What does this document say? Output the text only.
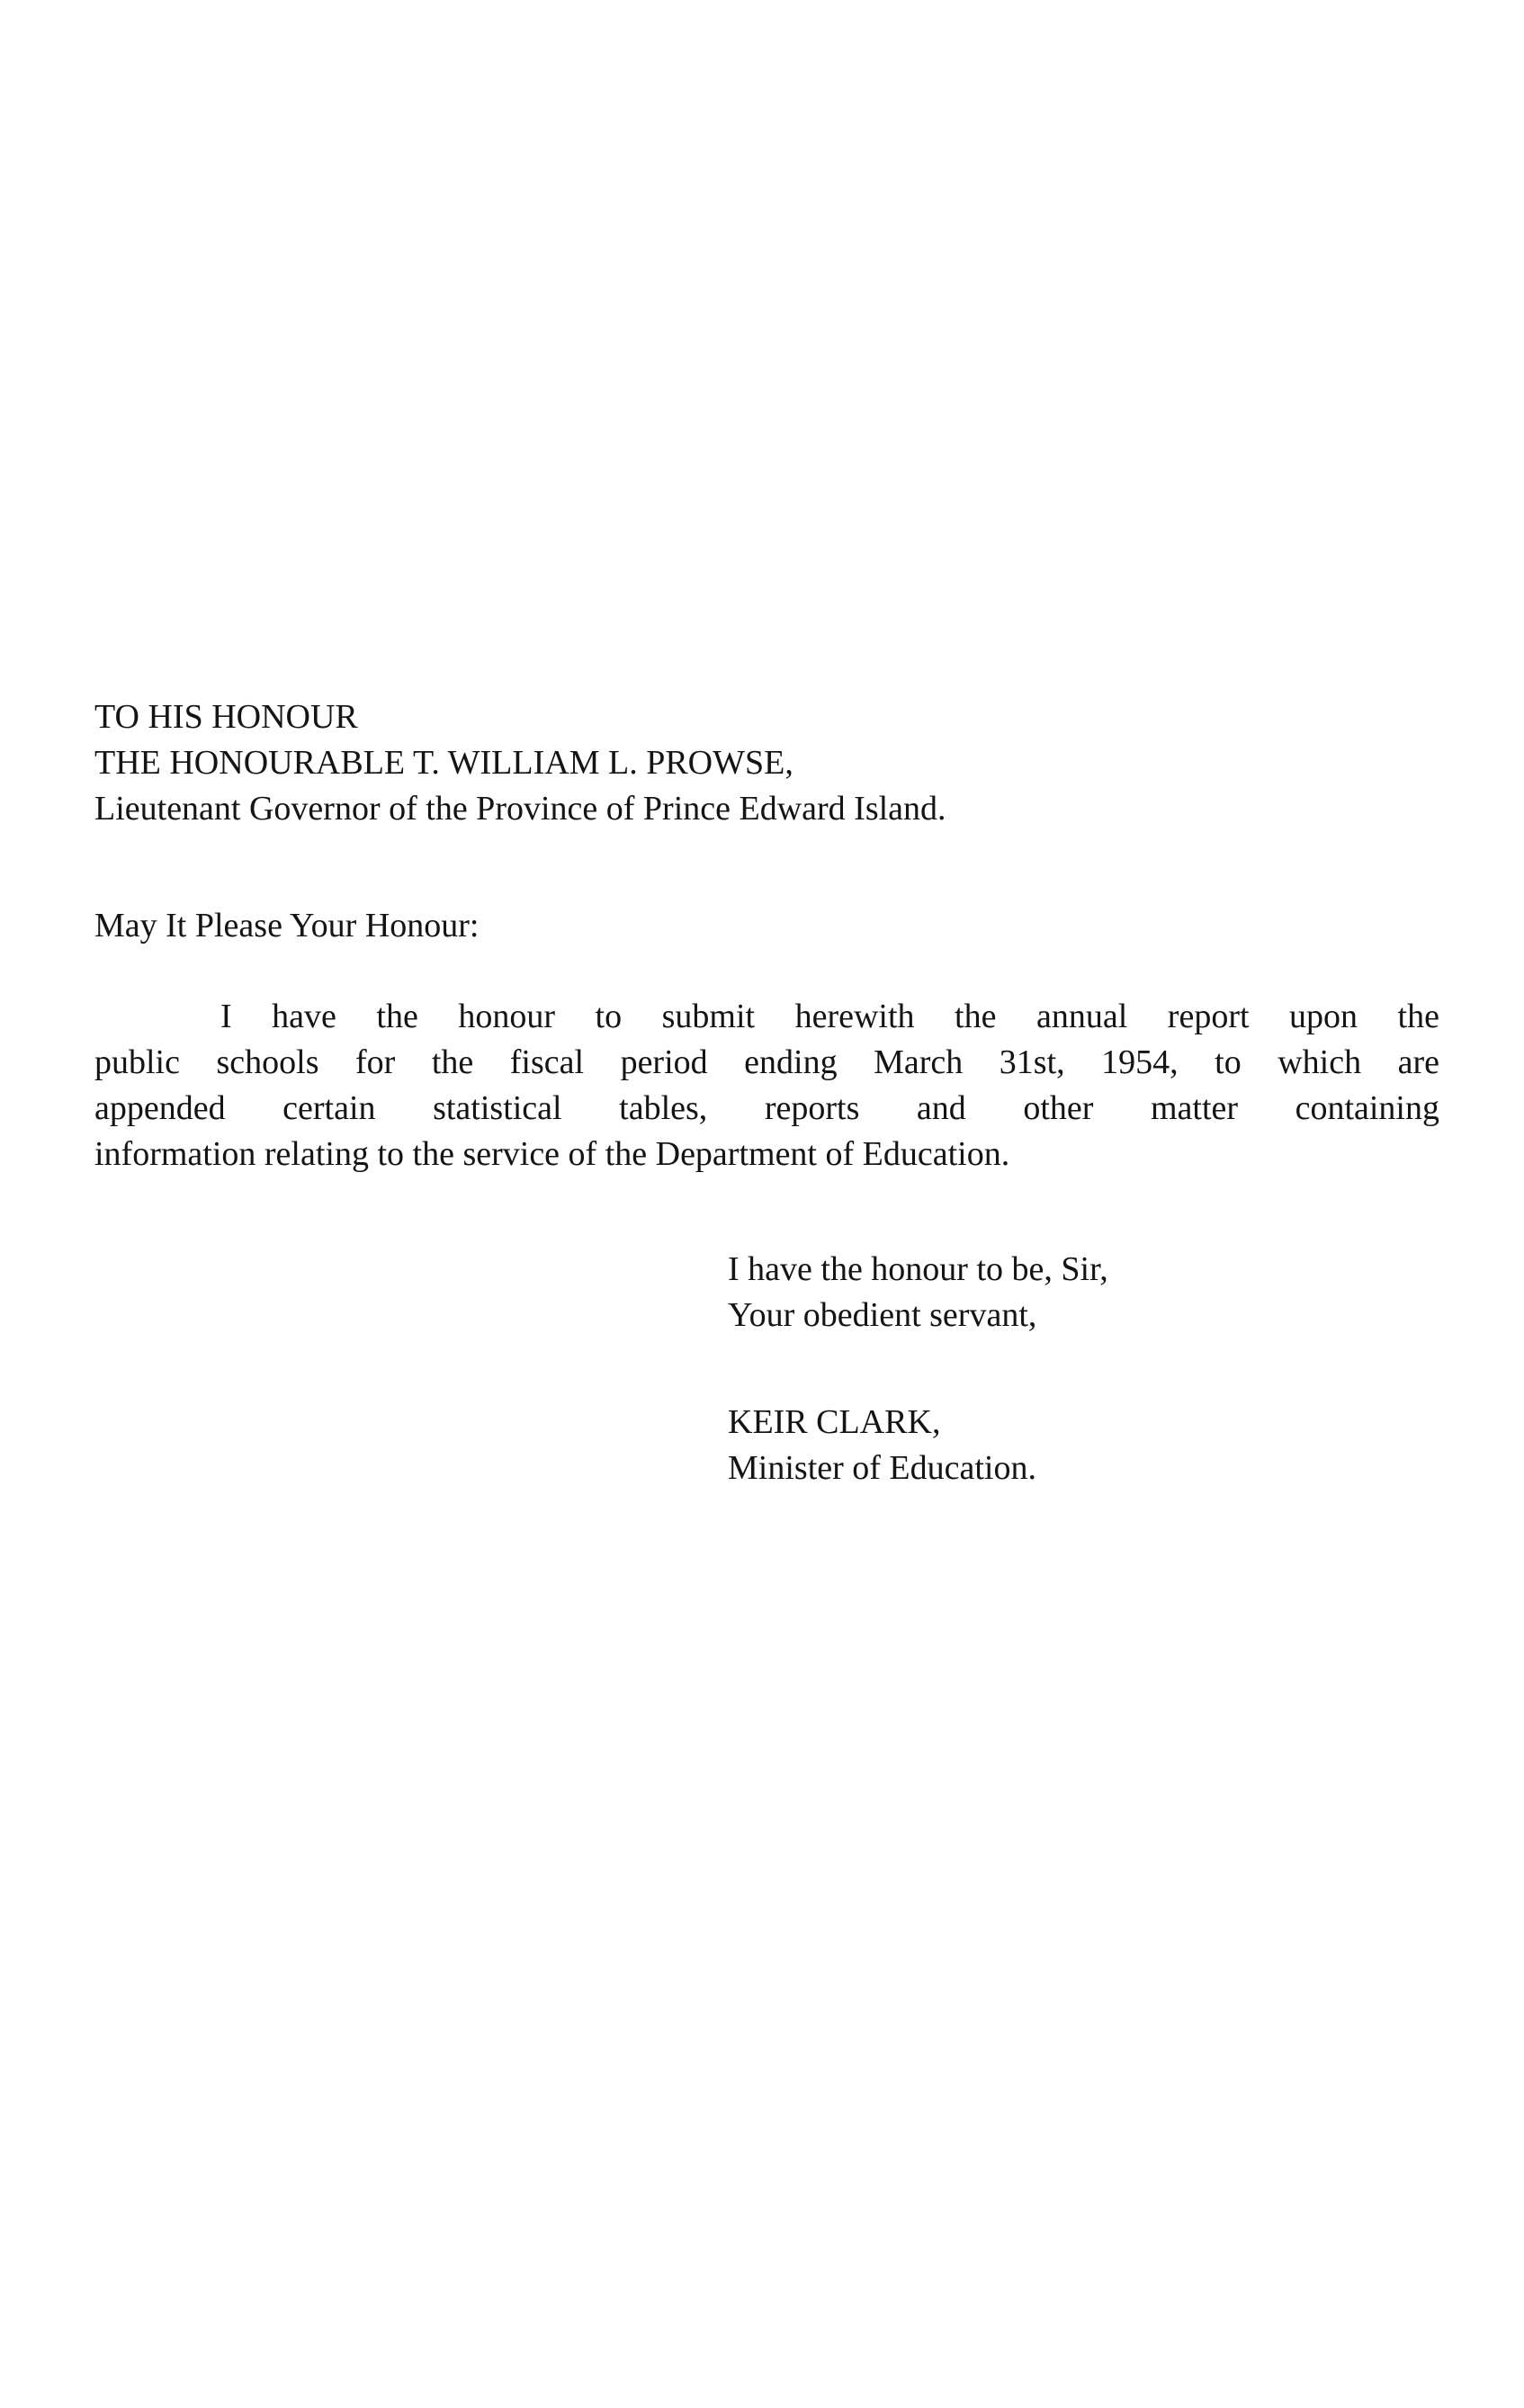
TO HIS HONOUR
THE HONOURABLE T. WILLIAM L. PROWSE,
Lieutenant Governor of the Province of Prince Edward Island.
May It Please Your Honour:
I have the honour to submit herewith the annual report upon the
public schools for the fiscal period ending March 31st, 1954, to which are
appended certain statistical tables, reports and other matter containing
information relating to the service of the Department of Education.
I have the honour to be, Sir,
Your obedient servant,
KEIR CLARK,
Minister of Education.
